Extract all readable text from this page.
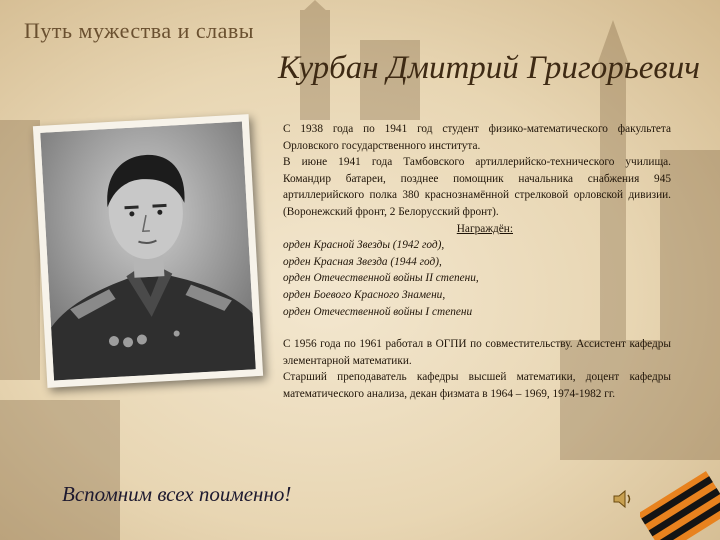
Путь мужества и славы
Курбан Дмитрий Григорьевич

С 1938 года по 1941 год студент физико-математического факультета Орловского государственного института.

В июне 1941 года Тамбовского артиллерийско-технического училища. Командир батареи, позднее помощник начальника снабжения 945 артиллерийского полка 380 краснознамённой стрелковой орловской дивизии. (Воронежский фронт, 2 Белорусский фронт).

Награждён:

орден Красной Звезды (1942 год),

орден Красная Звезда (1944 год),

орден Отечественной войны II степени,

орден Боевого Красного Знамени,

орден Отечественной войны I степени

С 1956 года по 1961 работал в ОГПИ по совместительству. Ассистент кафедры элементарной математики.

Старший преподаватель кафедры высшей математики, доцент кафедры математического анализа, декан физмата в 1964 – 1969, 1974-1982 гг.

Вспомним всех поименно!
